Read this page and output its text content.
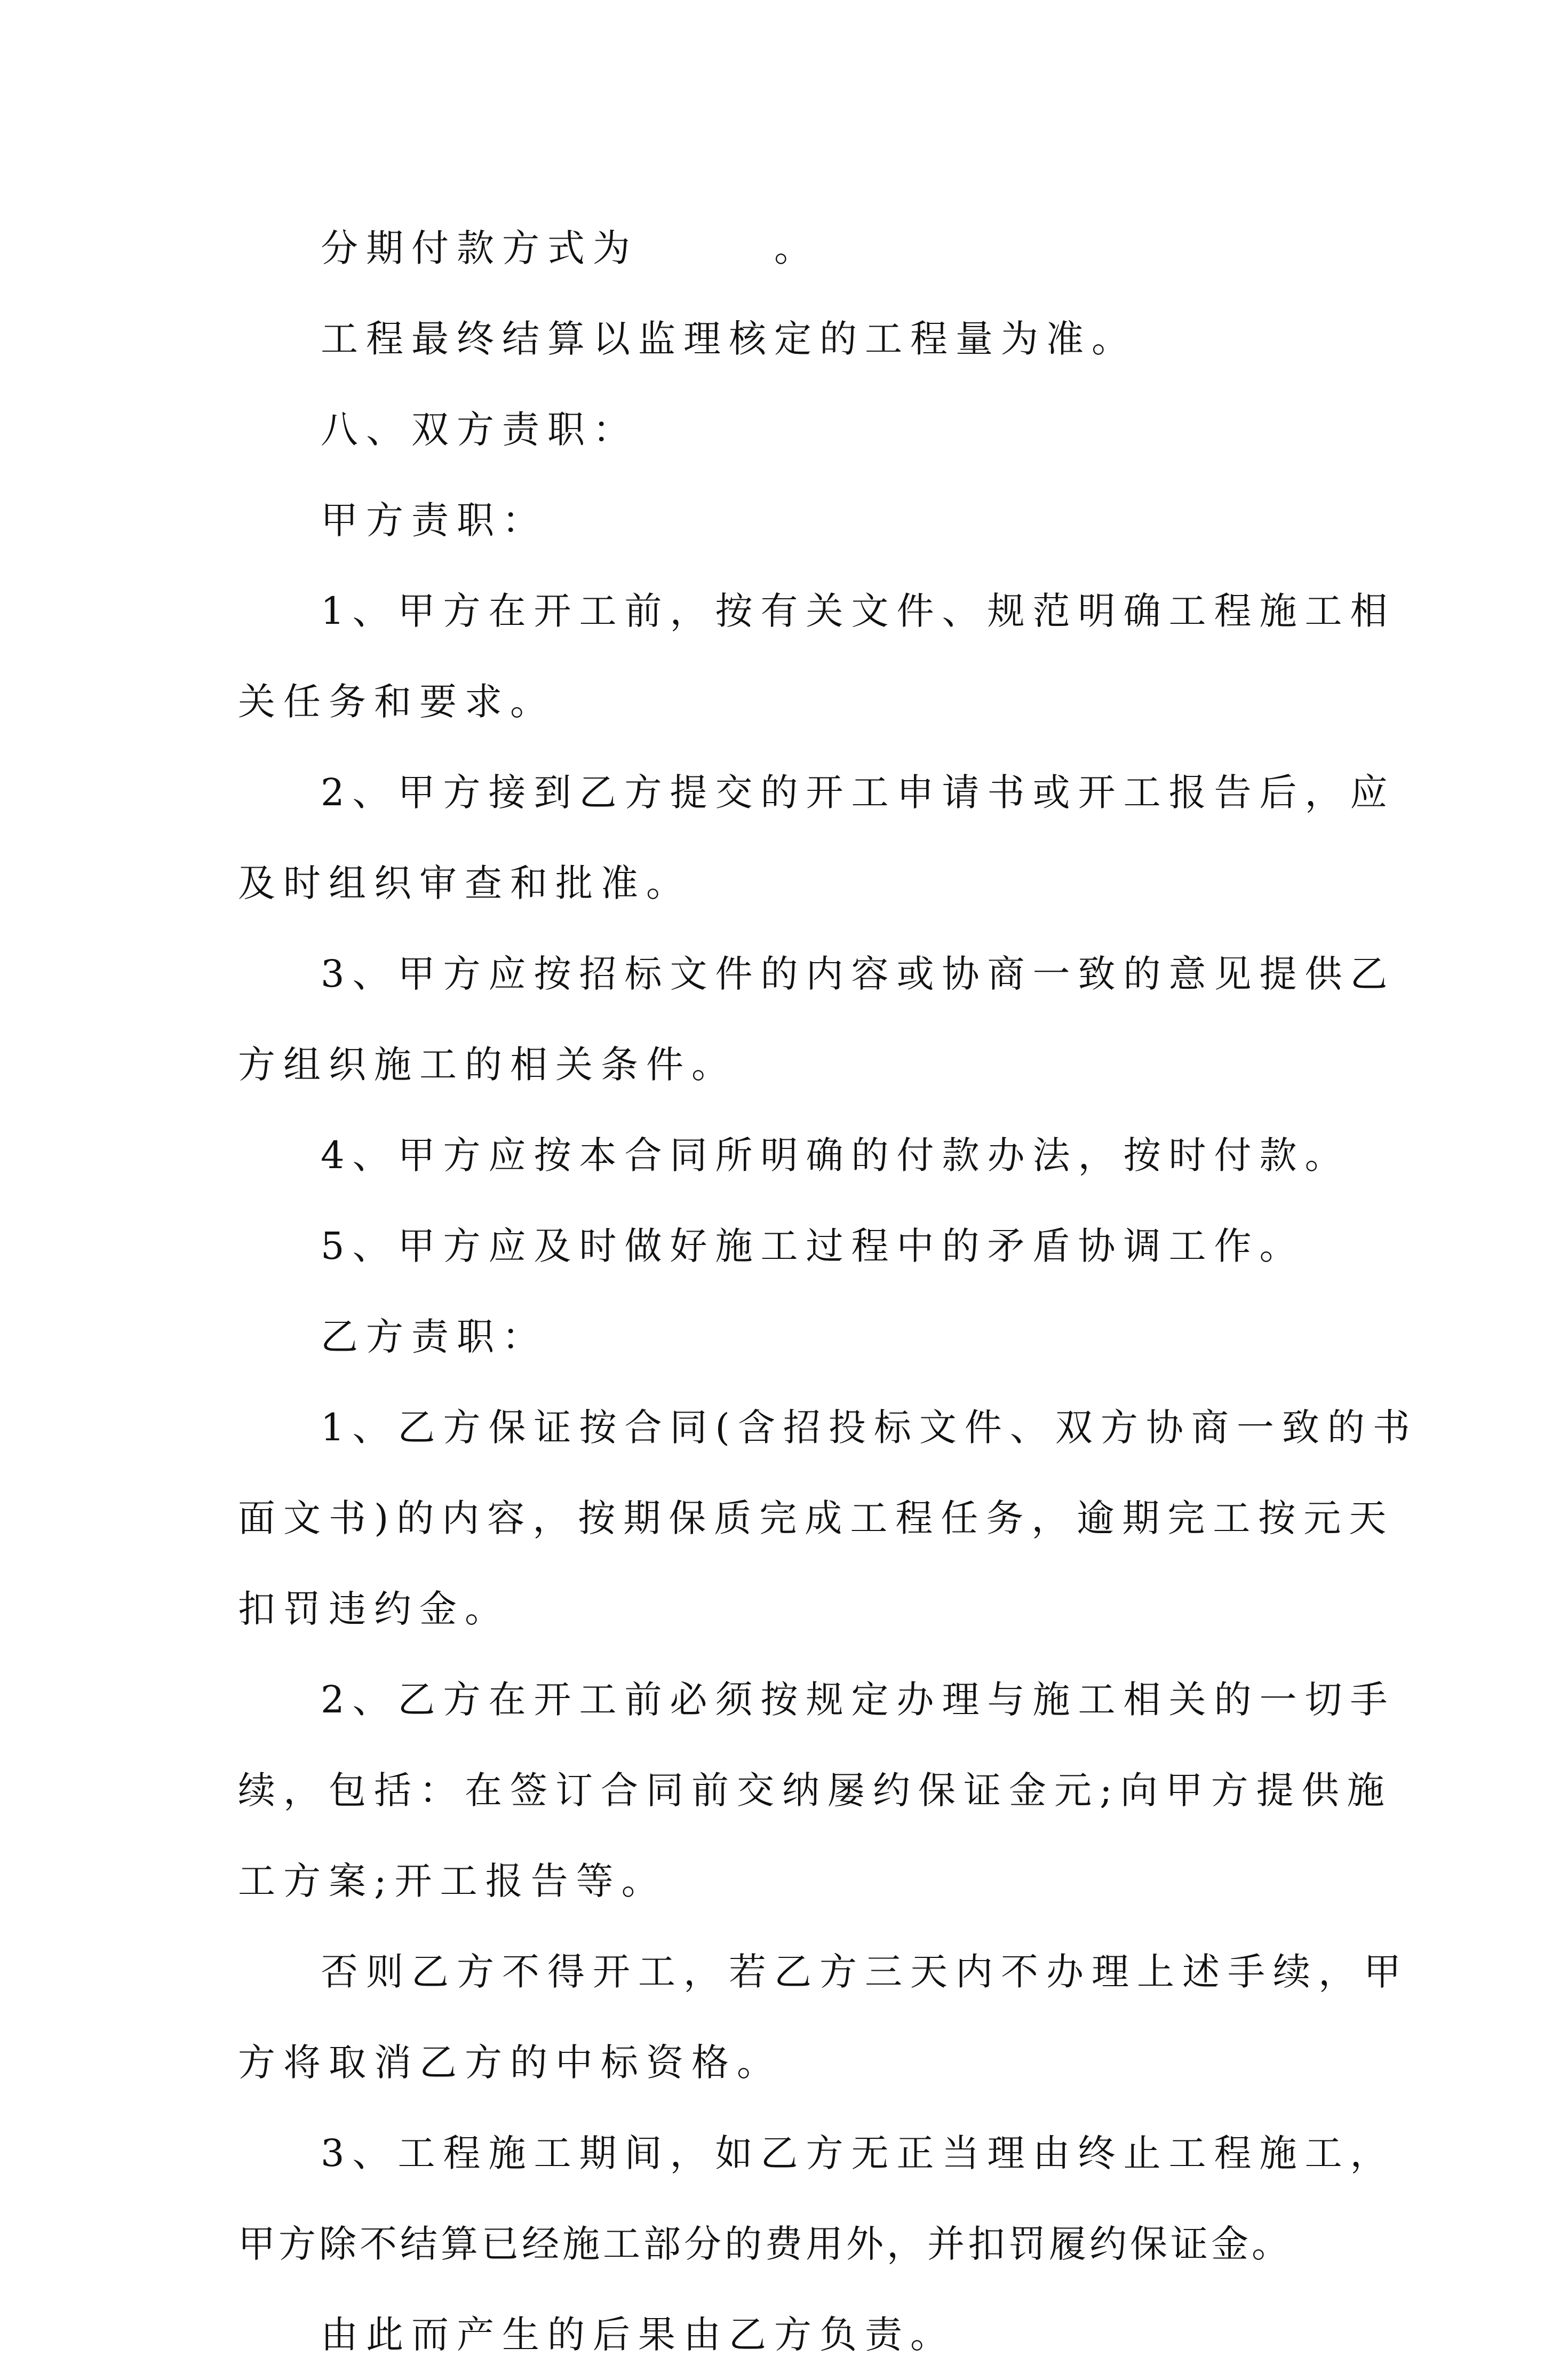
分期付款方式为　　　。
工程最终结算以监理核定的工程量为准。
八、双方责职：
甲方责职：
1、甲方在开工前，按有关文件、规范明确工程施工相
关任务和要求。
2、甲方接到乙方提交的开工申请书或开工报告后，应
及时组织审查和批准。
3、甲方应按招标文件的内容或协商一致的意见提供乙
方组织施工的相关条件。
4、甲方应按本合同所明确的付款办法，按时付款。
5、甲方应及时做好施工过程中的矛盾协调工作。
乙方责职：
1、乙方保证按合同(含招投标文件、双方协商一致的书
面文书)的内容，按期保质完成工程任务，逾期完工按元天
扣罚违约金。
2、乙方在开工前必须按规定办理与施工相关的一切手
续，包括：在签订合同前交纳屡约保证金元;向甲方提供施
工方案;开工报告等。
否则乙方不得开工，若乙方三天内不办理上述手续，甲
方将取消乙方的中标资格。
3、工程施工期间，如乙方无正当理由终止工程施工，
甲方除不结算已经施工部分的费用外，并扣罚履约保证金。
由此而产生的后果由乙方负责。
